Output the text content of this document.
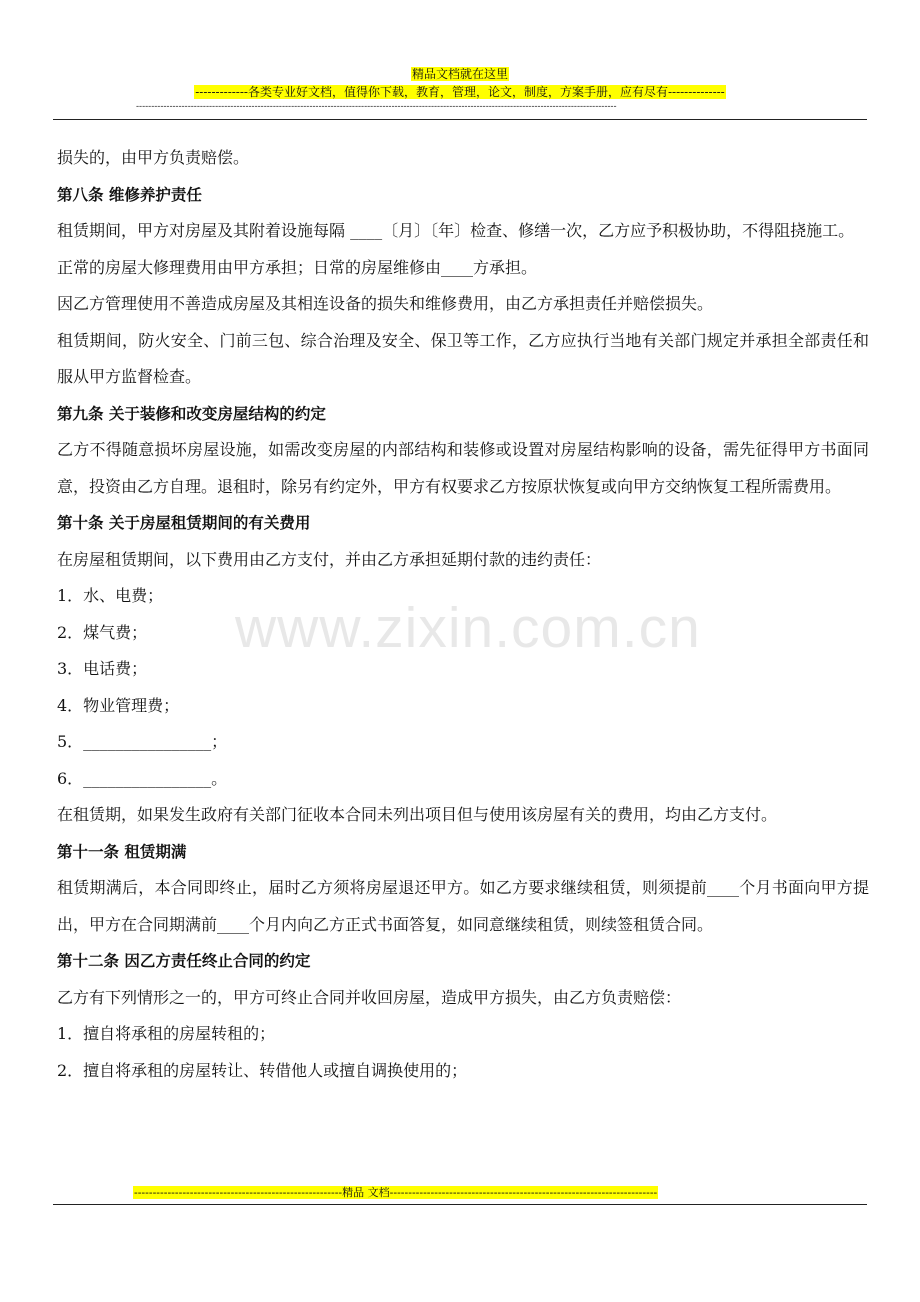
精品文档就在这里
-------------各类专业好文档，值得你下载，教育，管理，论文，制度，方案手册，应有尽有--------------
--------------------------------------------------------------------------------------------------------------------------------------------------------------
www.zixin.com.cn
损失的，由甲方负责赔偿。
第八条 维修养护责任
租赁期间，甲方对房屋及其附着设施每隔 ____〔月〕〔年〕检查、修缮一次，乙方应予积极协助，不得阻挠施工。
正常的房屋大修理费用由甲方承担；日常的房屋维修由____方承担。
因乙方管理使用不善造成房屋及其相连设备的损失和维修费用，由乙方承担责任并赔偿损失。
租赁期间，防火安全、门前三包、综合治理及安全、保卫等工作，乙方应执行当地有关部门规定并承担全部责任和服从甲方监督检查。
第九条 关于装修和改变房屋结构的约定
乙方不得随意损坏房屋设施，如需改变房屋的内部结构和装修或设置对房屋结构影响的设备，需先征得甲方书面同意，投资由乙方自理。退租时，除另有约定外，甲方有权要求乙方按原状恢复或向甲方交纳恢复工程所需费用。
第十条 关于房屋租赁期间的有关费用
在房屋租赁期间，以下费用由乙方支付，并由乙方承担延期付款的违约责任：
1．水、电费；
2．煤气费；
3．电话费；
4．物业管理费；
5．________________；
6．________________。
在租赁期，如果发生政府有关部门征收本合同未列出项目但与使用该房屋有关的费用，均由乙方支付。
第十一条 租赁期满
租赁期满后，本合同即终止，届时乙方须将房屋退还甲方。如乙方要求继续租赁，则须提前____个月书面向甲方提出，甲方在合同期满前____个月内向乙方正式书面答复，如同意继续租赁，则续签租赁合同。
第十二条 因乙方责任终止合同的约定
乙方有下列情形之一的，甲方可终止合同并收回房屋，造成甲方损失，由乙方负责赔偿：
1．擅自将承租的房屋转租的；
2．擅自将承租的房屋转让、转借他人或擅自调换使用的；
--------------------------------------------------------精品 文档------------------------------------------------------------------------
